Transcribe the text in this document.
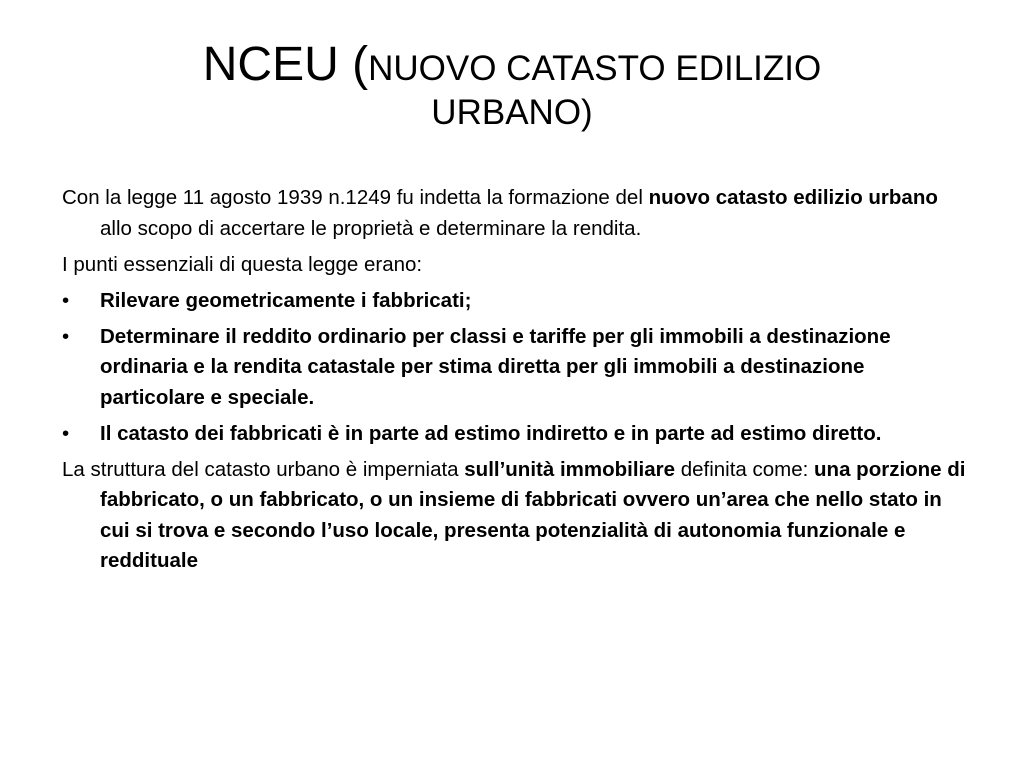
NCEU (NUOVO CATASTO EDILIZIO
URBANO)

Con la legge 11 agosto 1939 n.1249 fu indetta la formazione del nuovo catasto edilizio urbano allo scopo di accertare le proprietà e determinare la rendita.

I punti essenziali di questa legge erano:

•	Rilevare geometricamente i fabbricati;
•	Determinare il reddito ordinario per classi e tariffe per gli immobili a destinazione ordinaria e la rendita catastale per stima diretta per gli immobili a destinazione particolare e speciale.
•	Il catasto dei fabbricati è in parte ad estimo indiretto e in parte ad estimo diretto.

La struttura del catasto urbano è imperniata sull’unità immobiliare definita come: una porzione di fabbricato, o un fabbricato, o un insieme di fabbricati ovvero un’area che nello stato in cui si trova e secondo l’uso locale, presenta potenzialità di autonomia funzionale e reddituale
